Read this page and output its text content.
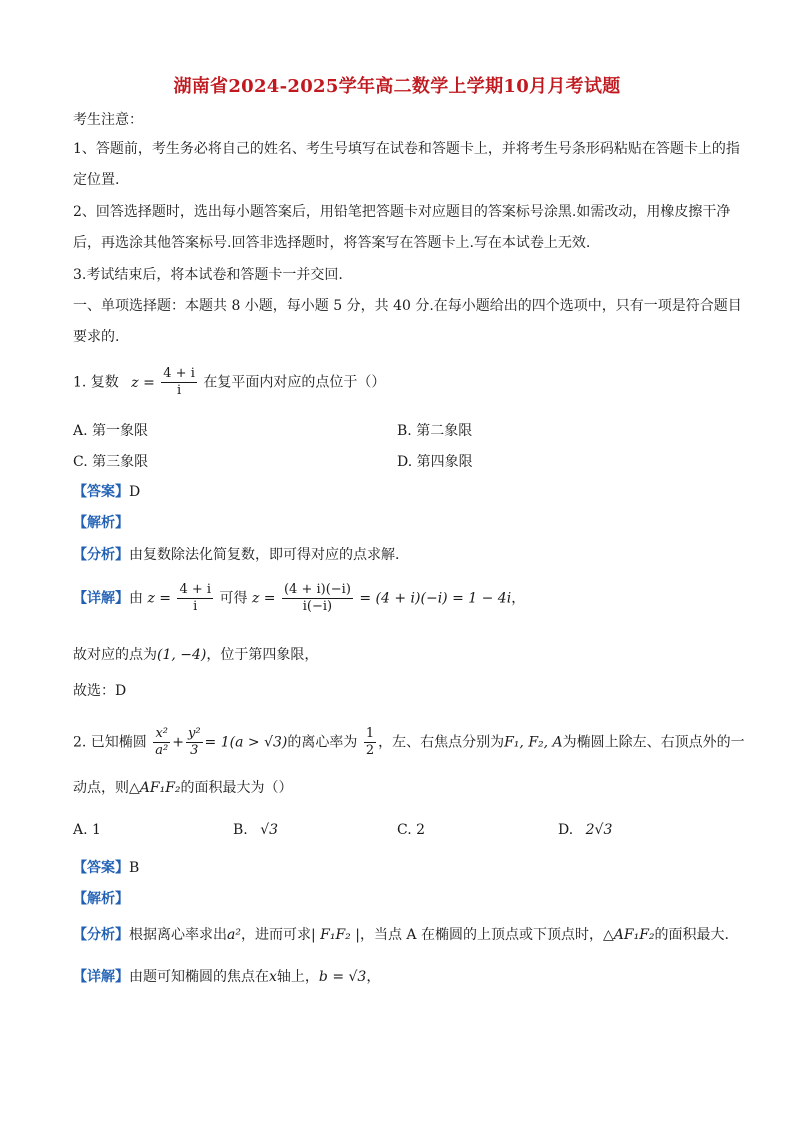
湖南省2024-2025学年高二数学上学期10月月考试题
考生注意：
1、答题前，考生务必将自己的姓名、考生号填写在试卷和答题卡上，并将考生号条形码粘贴在答题卡上的指
定位置.
2、回答选择题时，选出每小题答案后，用铅笔把答题卡对应题目的答案标号涂黑.如需改动，用橡皮擦干净
后，再选涂其他答案标号.回答非选择题时，将答案写在答题卡上.写在本试卷上无效.
3.考试结束后，将本试卷和答题卡一并交回.
一、单项选择题：本题共 8 小题，每小题 5 分，共 40 分.在每小题给出的四个选项中，只有一项是符合题目
要求的.
1. 复数 $z = \frac{4 + i}{i}$ 在复平面内对应的点位于（）
A. 第一象限	B. 第二象限
C. 第三象限	D. 第四象限
【答案】D
【解析】
【分析】由复数除法化简复数，即可得对应的点求解.
【详解】由 $z = \frac{4 + i}{i}$ 可得 $z = \frac{(4 + i)(-i)}{i(-i)} = (4 + i)(-i) = 1 - 4i$，
故对应的点为(1, −4)，位于第四象限，
故选：D
2. 已知椭圆 $\frac{\text{x²}}{\text{a²}} + \frac{\text{y²}}{3} = 1(a > √3)$的离心率为 $\frac{1}{2}$ ，左、右焦点分别为F₁, F₂, A为椭圆上除左、右顶点外的一
动点，则△AF₁F₂的面积最大为（）
A. 1	B. √3	C. 2	D. 2√3
【答案】B
【解析】
【分析】根据离心率求出a²，进而可求| F₁F₂ |，当点 A 在椭圆的上顶点或下顶点时，△AF₁F₂的面积最大.
【详解】由题可知椭圆的焦点在x轴上，b = √3，
